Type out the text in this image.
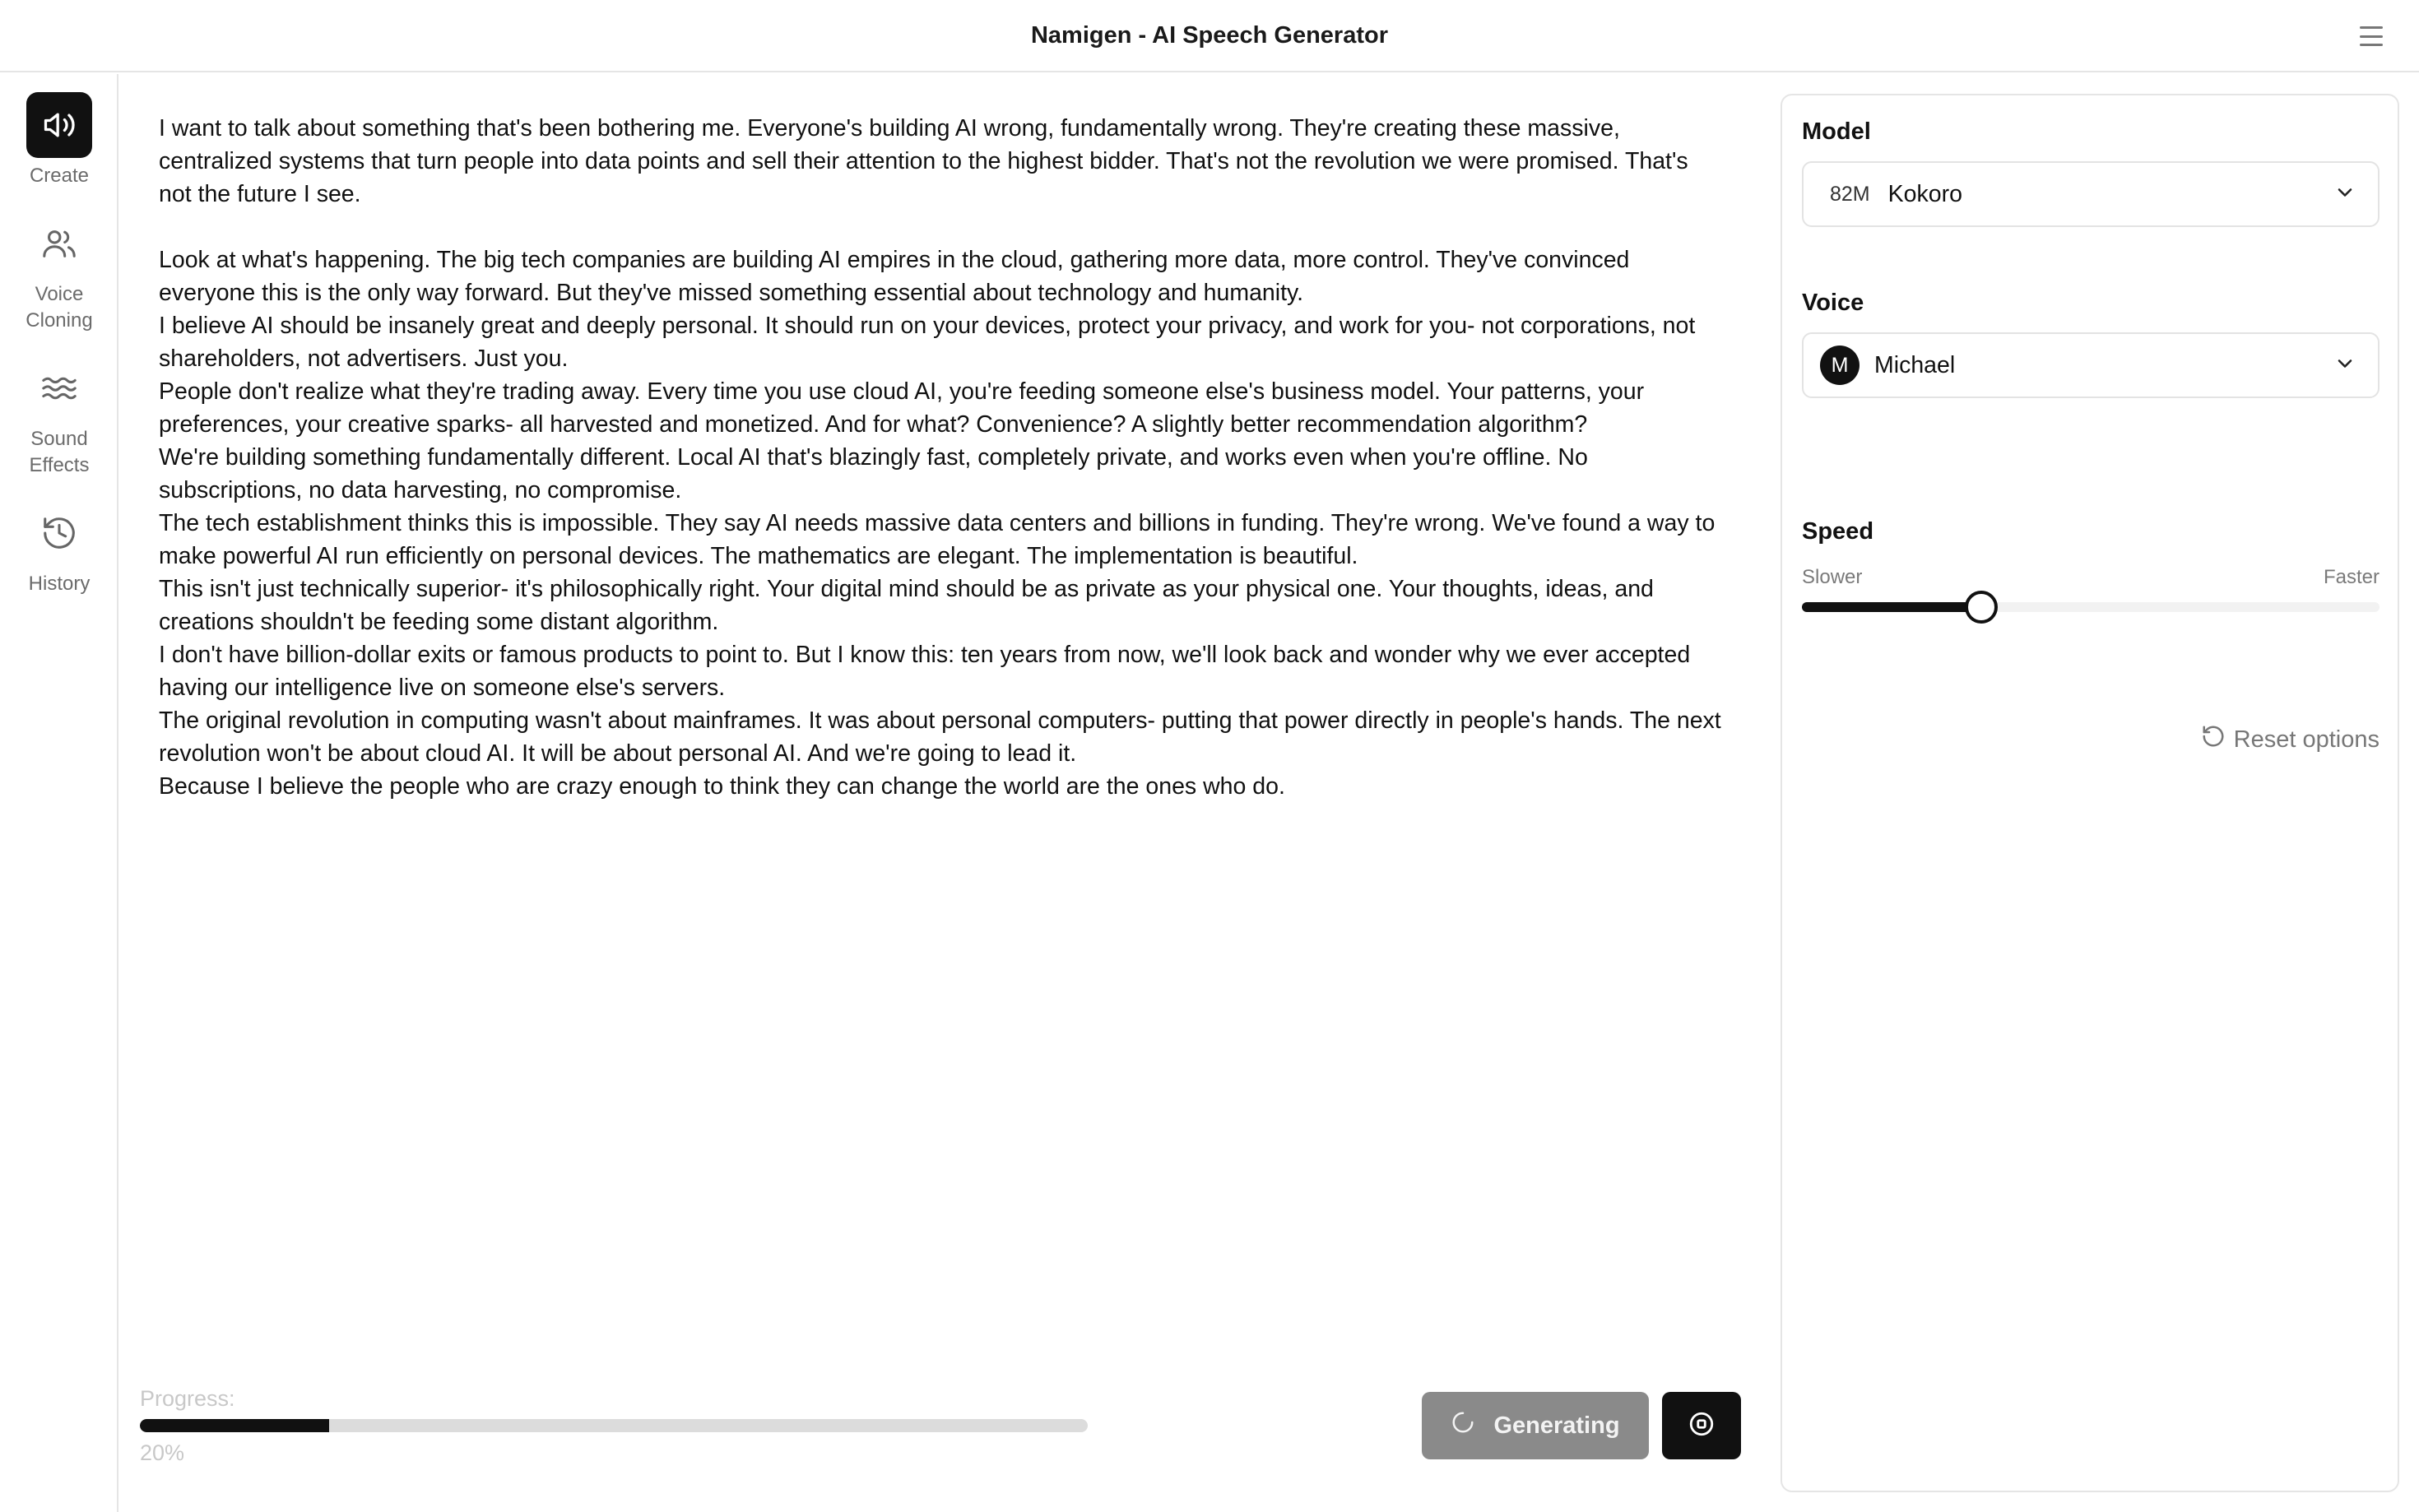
Namigen - AI Speech Generator
Create
Voice Cloning
Sound Effects
History

I want to talk about something that's been bothering me. Everyone's building AI wrong, fundamentally wrong. They're creating these massive, centralized systems that turn people into data points and sell their attention to the highest bidder. That's not the revolution we were promised. That's not the future I see.

Look at what's happening. The big tech companies are building AI empires in the cloud, gathering more data, more control. They've convinced everyone this is the only way forward. But they've missed something essential about technology and humanity.

I believe AI should be insanely great and deeply personal. It should run on your devices, protect your privacy, and work for you- not corporations, not shareholders, not advertisers. Just you.

People don't realize what they're trading away. Every time you use cloud AI, you're feeding someone else's business model. Your patterns, your preferences, your creative sparks- all harvested and monetized. And for what? Convenience? A slightly better recommendation algorithm?

We're building something fundamentally different. Local AI that's blazingly fast, completely private, and works even when you're offline. No subscriptions, no data harvesting, no compromise.

The tech establishment thinks this is impossible. They say AI needs massive data centers and billions in funding. They're wrong. We've found a way to make powerful AI run efficiently on personal devices. The mathematics are elegant. The implementation is beautiful.

This isn't just technically superior- it's philosophically right. Your digital mind should be as private as your physical one. Your thoughts, ideas, and creations shouldn't be feeding some distant algorithm.

I don't have billion-dollar exits or famous products to point to. But I know this: ten years from now, we'll look back and wonder why we ever accepted having our intelligence live on someone else's servers.

The original revolution in computing wasn't about mainframes. It was about personal computers- putting that power directly in people's hands. The next revolution won't be about cloud AI. It will be about personal AI. And we're going to lead it.

Because I believe the people who are crazy enough to think they can change the world are the ones who do.

Progress:
20%
Generating
Model
82M Kokoro
Voice
M	Michael
Speed
Slower	Faster
Reset options
